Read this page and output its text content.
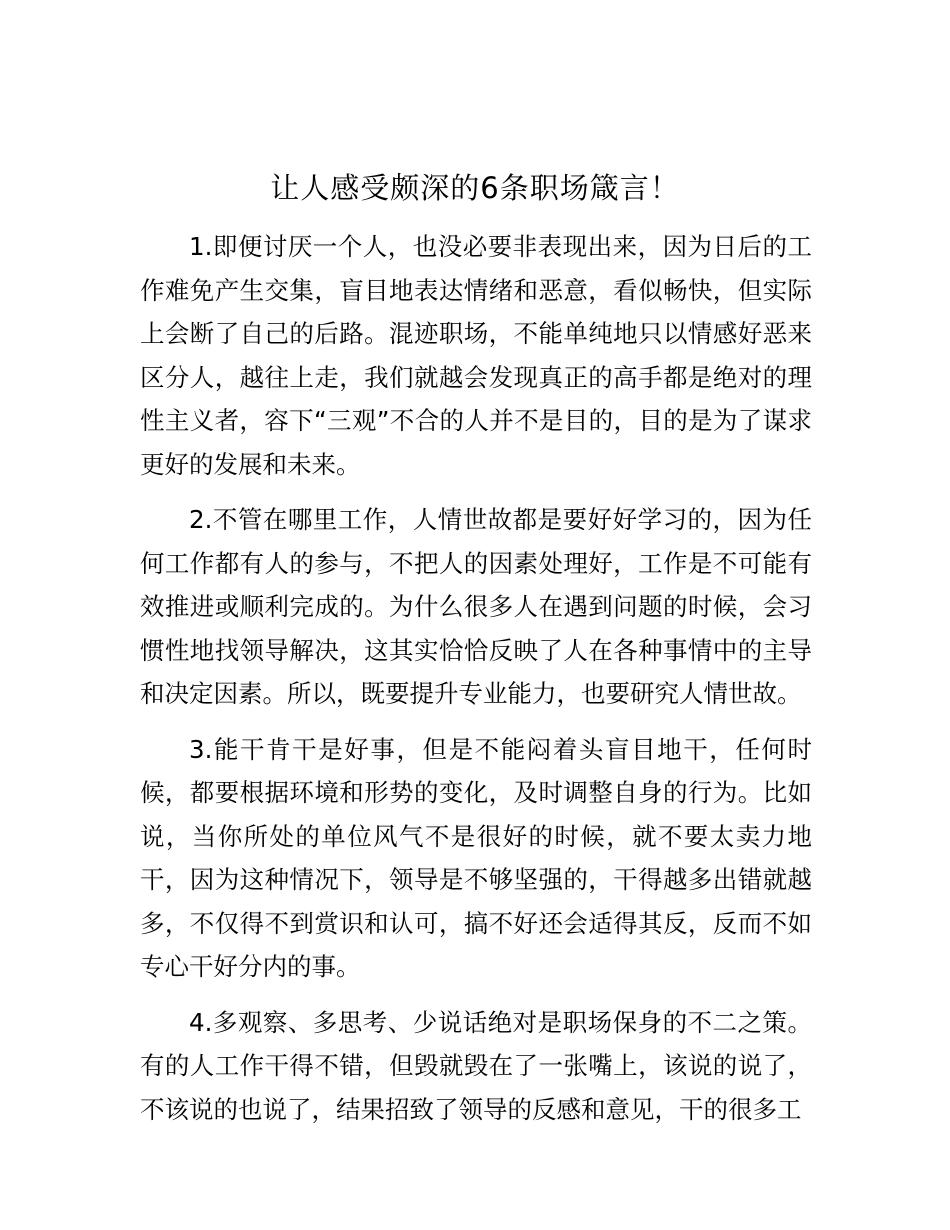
让人感受颇深的6条职场箴言！

1.即便讨厌一个人，也没必要非表现出来，因为日后的工作难免产生交集，盲目地表达情绪和恶意，看似畅快，但实际上会断了自己的后路。混迹职场，不能单纯地只以情感好恶来区分人，越往上走，我们就越会发现真正的高手都是绝对的理性主义者，容下“三观”不合的人并不是目的，目的是为了谋求更好的发展和未来。

2.不管在哪里工作，人情世故都是要好好学习的，因为任何工作都有人的参与，不把人的因素处理好，工作是不可能有效推进或顺利完成的。为什么很多人在遇到问题的时候，会习惯性地找领导解决，这其实恰恰反映了人在各种事情中的主导和决定因素。所以，既要提升专业能力，也要研究人情世故。

3.能干肯干是好事，但是不能闷着头盲目地干，任何时候，都要根据环境和形势的变化，及时调整自身的行为。比如说，当你所处的单位风气不是很好的时候，就不要太卖力地干，因为这种情况下，领导是不够坚强的，干得越多出错就越多，不仅得不到赏识和认可，搞不好还会适得其反，反而不如专心干好分内的事。

4.多观察、多思考、少说话绝对是职场保身的不二之策。有的人工作干得不错，但毁就毁在了一张嘴上，该说的说了，不该说的也说了，结果招致了领导的反感和意见，干的很多工
